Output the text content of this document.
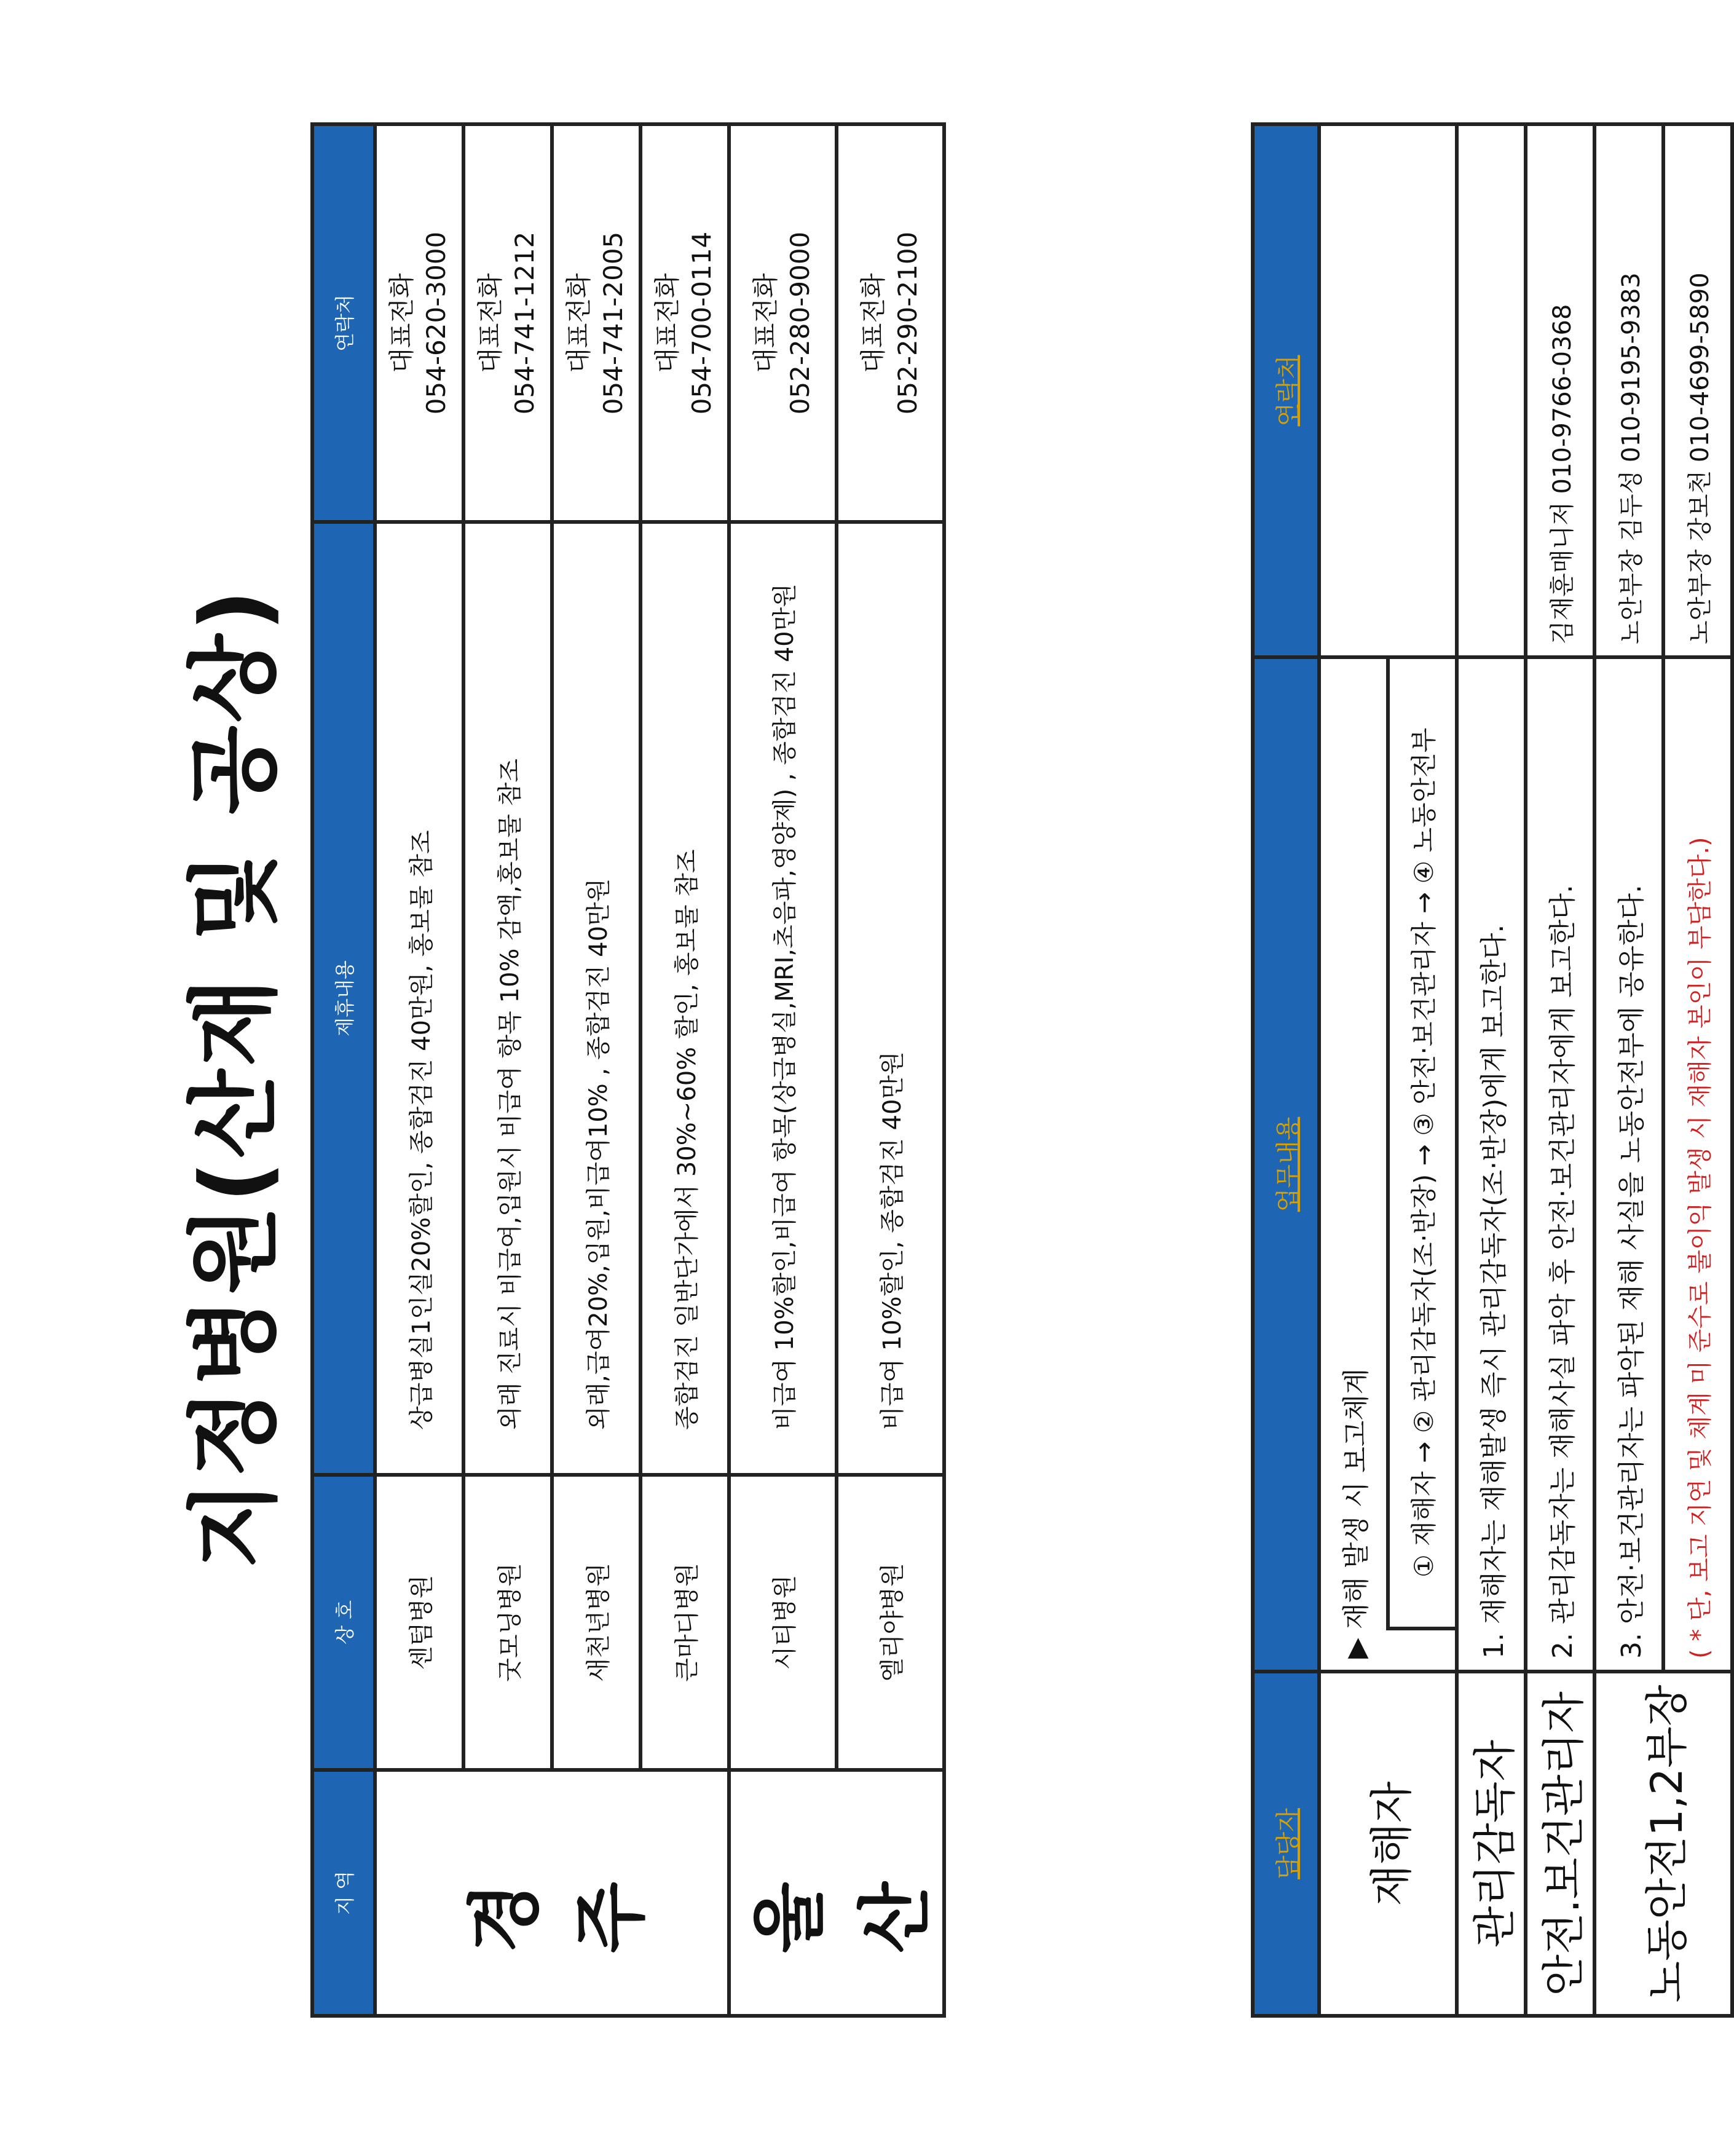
지정병원(산재 및 공상)
지 역	상 호	제휴내용	연락처
경 주	센텀병원	상급병실1인실20%할인, 종합검진 40만원, 홍보물 참조	대표전화 054-620-3000
	굿모닝병원	외래 진료시 비급여,입원시 비급여 항목 10% 감액,홍보물 참조	대표전화 054-741-1212
	새천년병원	외래,급여20%,입원,비급여10% , 종합검진 40만원	대표전화 054-741-2005
	큰마디병원	종합검진 일반단가에서 30%~60% 할인, 홍보물 참조	대표전화 054-700-0114
울 산	시티병원	비급여 10%할인,비급여 항목(상급병실,MRI,초음파,영양제) , 종합검진 40만원	대표전화 052-280-9000
	엘리야병원	비급여 10%할인, 종합검진 40만원	대표전화 052-290-2100
담당자	업무내용		연락처
재해자	▶ 재해 발생 시 보고체계		
		① 재해자 → ② 관리감독자(조·반장) → ③ 안전·보건관리자 → ④ 노동안전부	
관리감독자	1. 재해자는 재해발생 즉시 관리감독자(조·반장)에게 보고한다.		
안전.보건관리자	2. 관리감독자는 재해사실 파악 후 안전·보건관리자에게 보고한다.		김재훈매니저 010-9766-0368
노동안전1,2부장	3. 안전·보건관리자는 파악된 재해 사실을 노동안전부에 공유한다.		노안부장 김두성 010-9195-9383
	( * 단, 보고 지연 및 체계 미 준수로 불이익 발생 시 재해자 본인이 부담한다.)		노안부장 강보천 010-4699-5890
